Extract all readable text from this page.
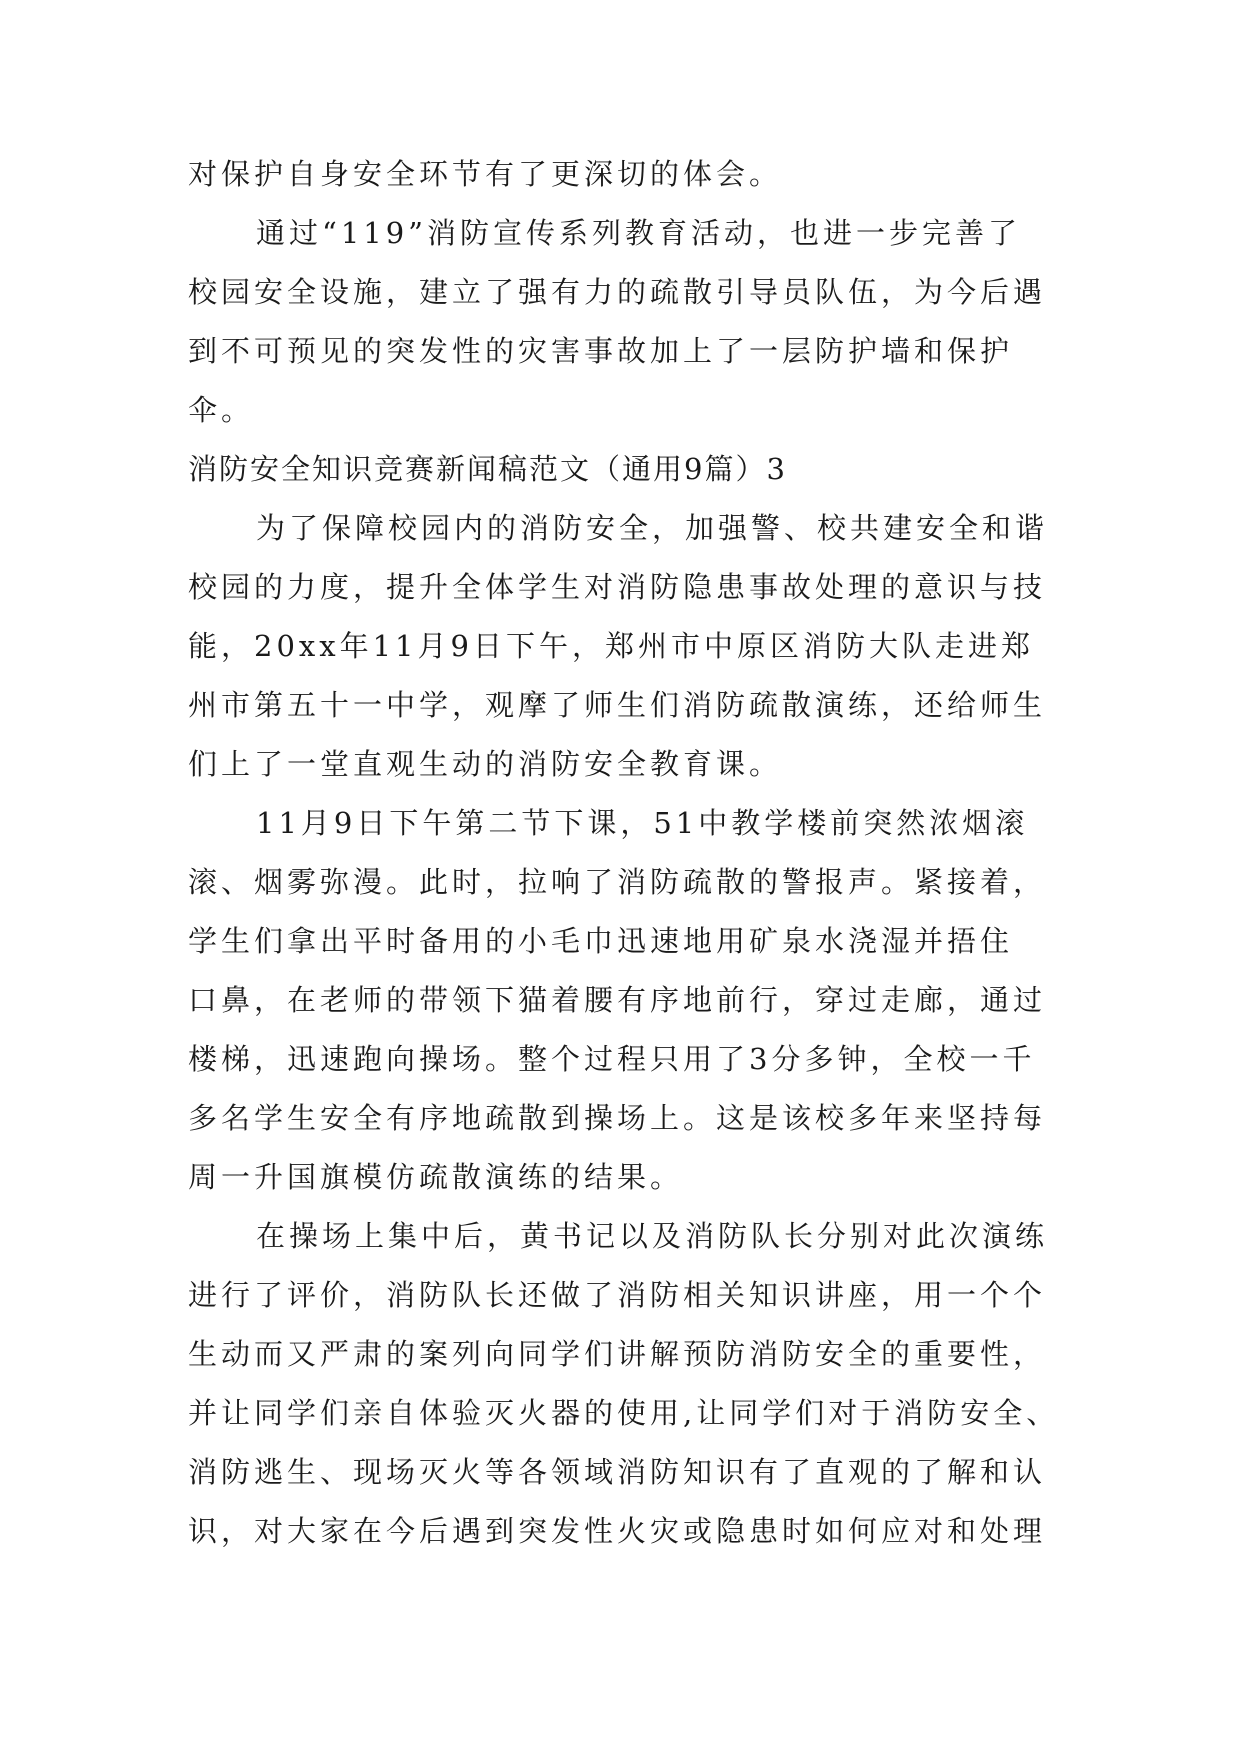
对保护自身安全环节有了更深切的体会。
通过“119”消防宣传系列教育活动，也进一步完善了
校园安全设施，建立了强有力的疏散引导员队伍，为今后遇
到不可预见的突发性的灾害事故加上了一层防护墙和保护
伞。
消防安全知识竞赛新闻稿范文（通用9篇）3
为了保障校园内的消防安全，加强警、校共建安全和谐
校园的力度，提升全体学生对消防隐患事故处理的意识与技
能，20xx年11月9日下午，郑州市中原区消防大队走进郑
州市第五十一中学，观摩了师生们消防疏散演练，还给师生
们上了一堂直观生动的消防安全教育课。
11月9日下午第二节下课，51中教学楼前突然浓烟滚
滚、烟雾弥漫。此时，拉响了消防疏散的警报声。紧接着，
学生们拿出平时备用的小毛巾迅速地用矿泉水浇湿并捂住
口鼻，在老师的带领下猫着腰有序地前行，穿过走廊，通过
楼梯，迅速跑向操场。整个过程只用了3分多钟，全校一千
多名学生安全有序地疏散到操场上。这是该校多年来坚持每
周一升国旗模仿疏散演练的结果。
在操场上集中后，黄书记以及消防队长分别对此次演练
进行了评价，消防队长还做了消防相关知识讲座，用一个个
生动而又严肃的案列向同学们讲解预防消防安全的重要性，
并让同学们亲自体验灭火器的使用,让同学们对于消防安全、
消防逃生、现场灭火等各领域消防知识有了直观的了解和认
识，对大家在今后遇到突发性火灾或隐患时如何应对和处理
